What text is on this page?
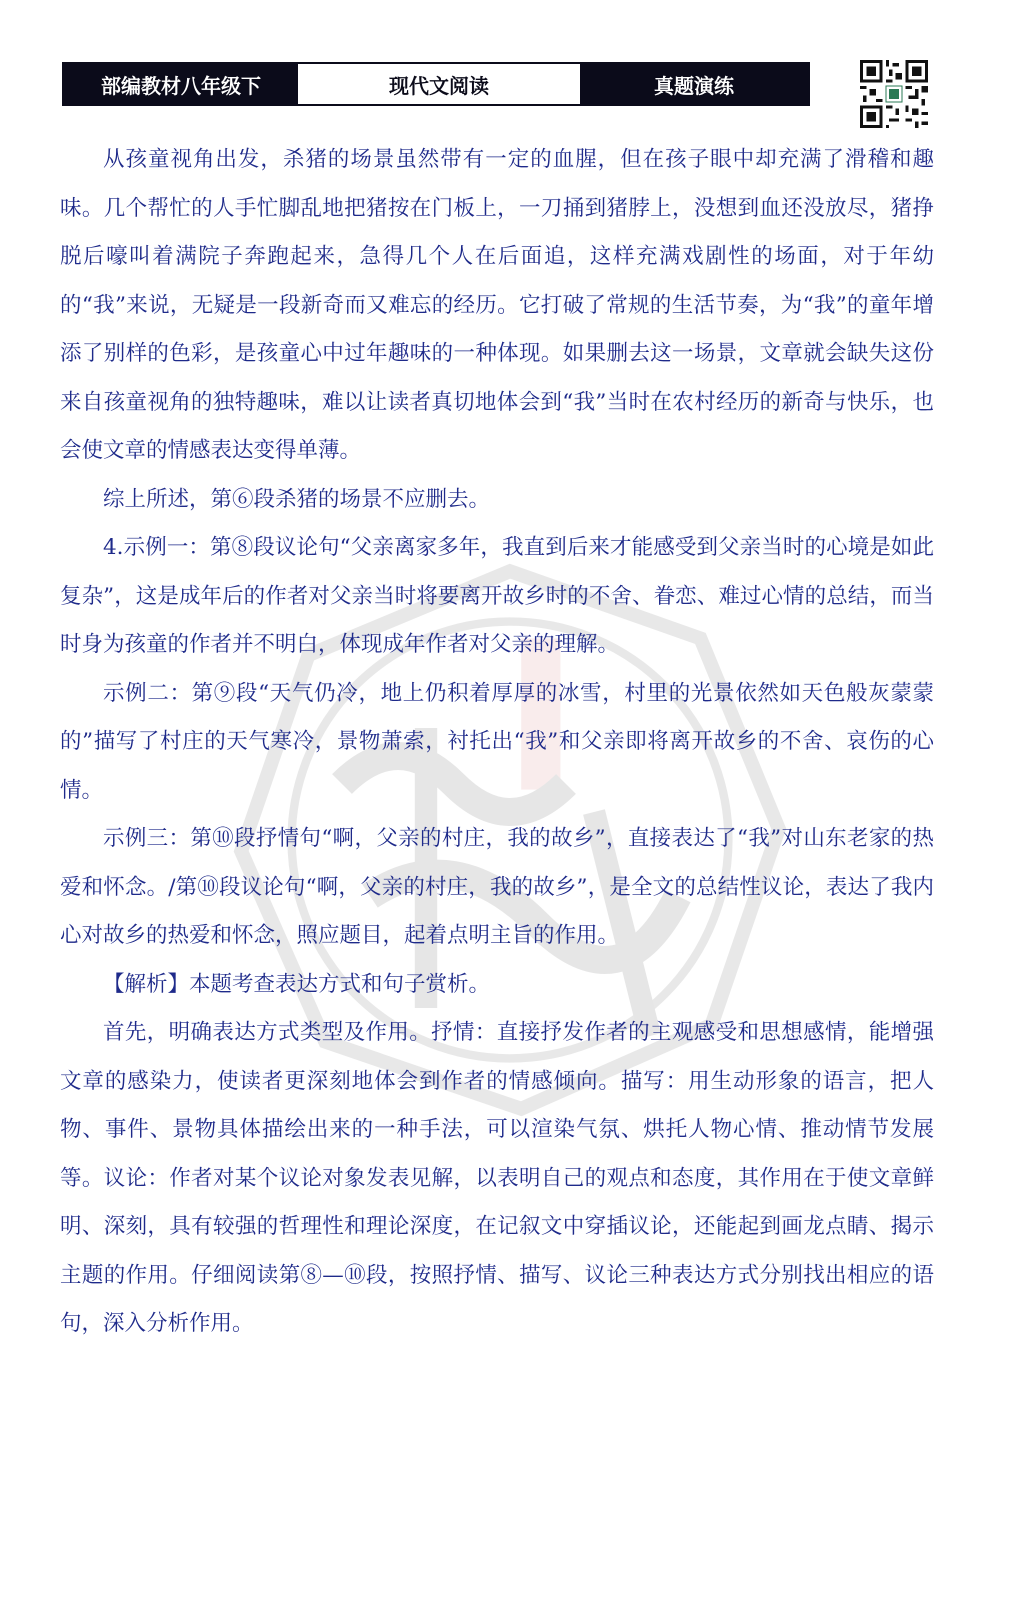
部编教材八年级下	现代文阅读	真题演练

从孩童视角出发，杀猪的场景虽然带有一定的血腥，但在孩子眼中却充满了滑稽和趣味。几个帮忙的人手忙脚乱地把猪按在门板上，一刀捅到猪脖上，没想到血还没放尽，猪挣脱后嚎叫着满院子奔跑起来，急得几个人在后面追，这样充满戏剧性的场面，对于年幼的“我”来说，无疑是一段新奇而又难忘的经历。它打破了常规的生活节奏，为“我”的童年增添了别样的色彩，是孩童心中过年趣味的一种体现。如果删去这一场景，文章就会缺失这份来自孩童视角的独特趣味，难以让读者真切地体会到“我”当时在农村经历的新奇与快乐，也会使文章的情感表达变得单薄。

综上所述，第⑥段杀猪的场景不应删去。

4.示例一：第⑧段议论句“父亲离家多年，我直到后来才能感受到父亲当时的心境是如此复杂”，这是成年后的作者对父亲当时将要离开故乡时的不舍、眷恋、难过心情的总结，而当时身为孩童的作者并不明白，体现成年作者对父亲的理解。

示例二：第⑨段“天气仍冷，地上仍积着厚厚的冰雪，村里的光景依然如天色般灰蒙蒙的”描写了村庄的天气寒冷，景物萧索，衬托出“我”和父亲即将离开故乡的不舍、哀伤的心情。

示例三：第⑩段抒情句“啊，父亲的村庄，我的故乡”，直接表达了“我”对山东老家的热爱和怀念。/第⑩段议论句“啊，父亲的村庄，我的故乡”，是全文的总结性议论，表达了我内心对故乡的热爱和怀念，照应题目，起着点明主旨的作用。

【解析】本题考查表达方式和句子赏析。

首先，明确表达方式类型及作用。抒情：直接抒发作者的主观感受和思想感情，能增强文章的感染力，使读者更深刻地体会到作者的情感倾向。描写：用生动形象的语言，把人物、事件、景物具体描绘出来的一种手法，可以渲染气氛、烘托人物心情、推动情节发展等。议论：作者对某个议论对象发表见解，以表明自己的观点和态度，其作用在于使文章鲜明、深刻，具有较强的哲理性和理论深度，在记叙文中穿插议论，还能起到画龙点睛、揭示主题的作用。仔细阅读第⑧—⑩段，按照抒情、描写、议论三种表达方式分别找出相应的语句，深入分析作用。
